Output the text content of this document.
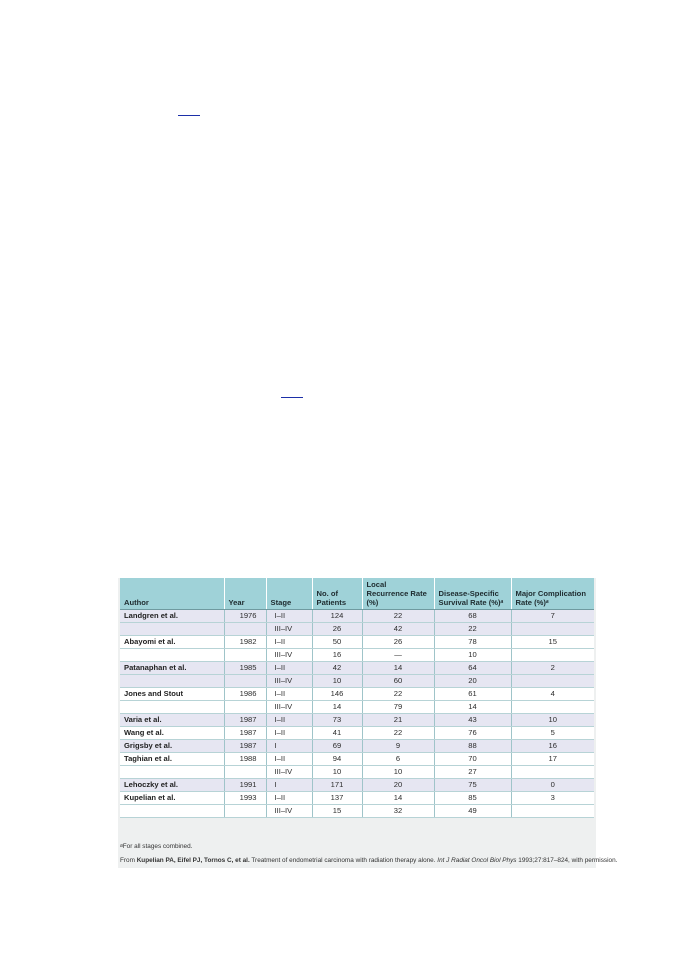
Author	Year	Stage	No. of Patients	Local Recurrence Rate (%)	Disease-Specific Survival Rate (%)$^a$	Major Complication Rate (%)$^a$
Landgren et al.	1976	I–II	124	22	68	7
		III–IV	26	42	22	
Abayomi et al.	1982	I–II	50	26	78	15
		III–IV	16	—	10	
Patanaphan et al.	1985	I–II	42	14	64	2
		III–IV	10	60	20	
Jones and Stout	1986	I–II	146	22	61	4
		III–IV	14	79	14	
Varia et al.	1987	I–II	73	21	43	10
Wang et al.	1987	I–II	41	22	76	5
Grigsby et al.	1987	I	69	9	88	16
Taghian et al.	1988	I–II	94	6	70	17
		III–IV	10	10	27	
Lehoczky et al.	1991	I	171	20	75	0
Kupelian et al.	1993	I–II	137	14	85	3
		III–IV	15	32	49	
$^a$For all stages combined.
From Kupelian PA, Eifel PJ, Tornos C, et al. Treatment of endometrial carcinoma with radiation therapy alone. Int J Radiat Oncol Biol Phys 1993;27:817–824, with permission.
